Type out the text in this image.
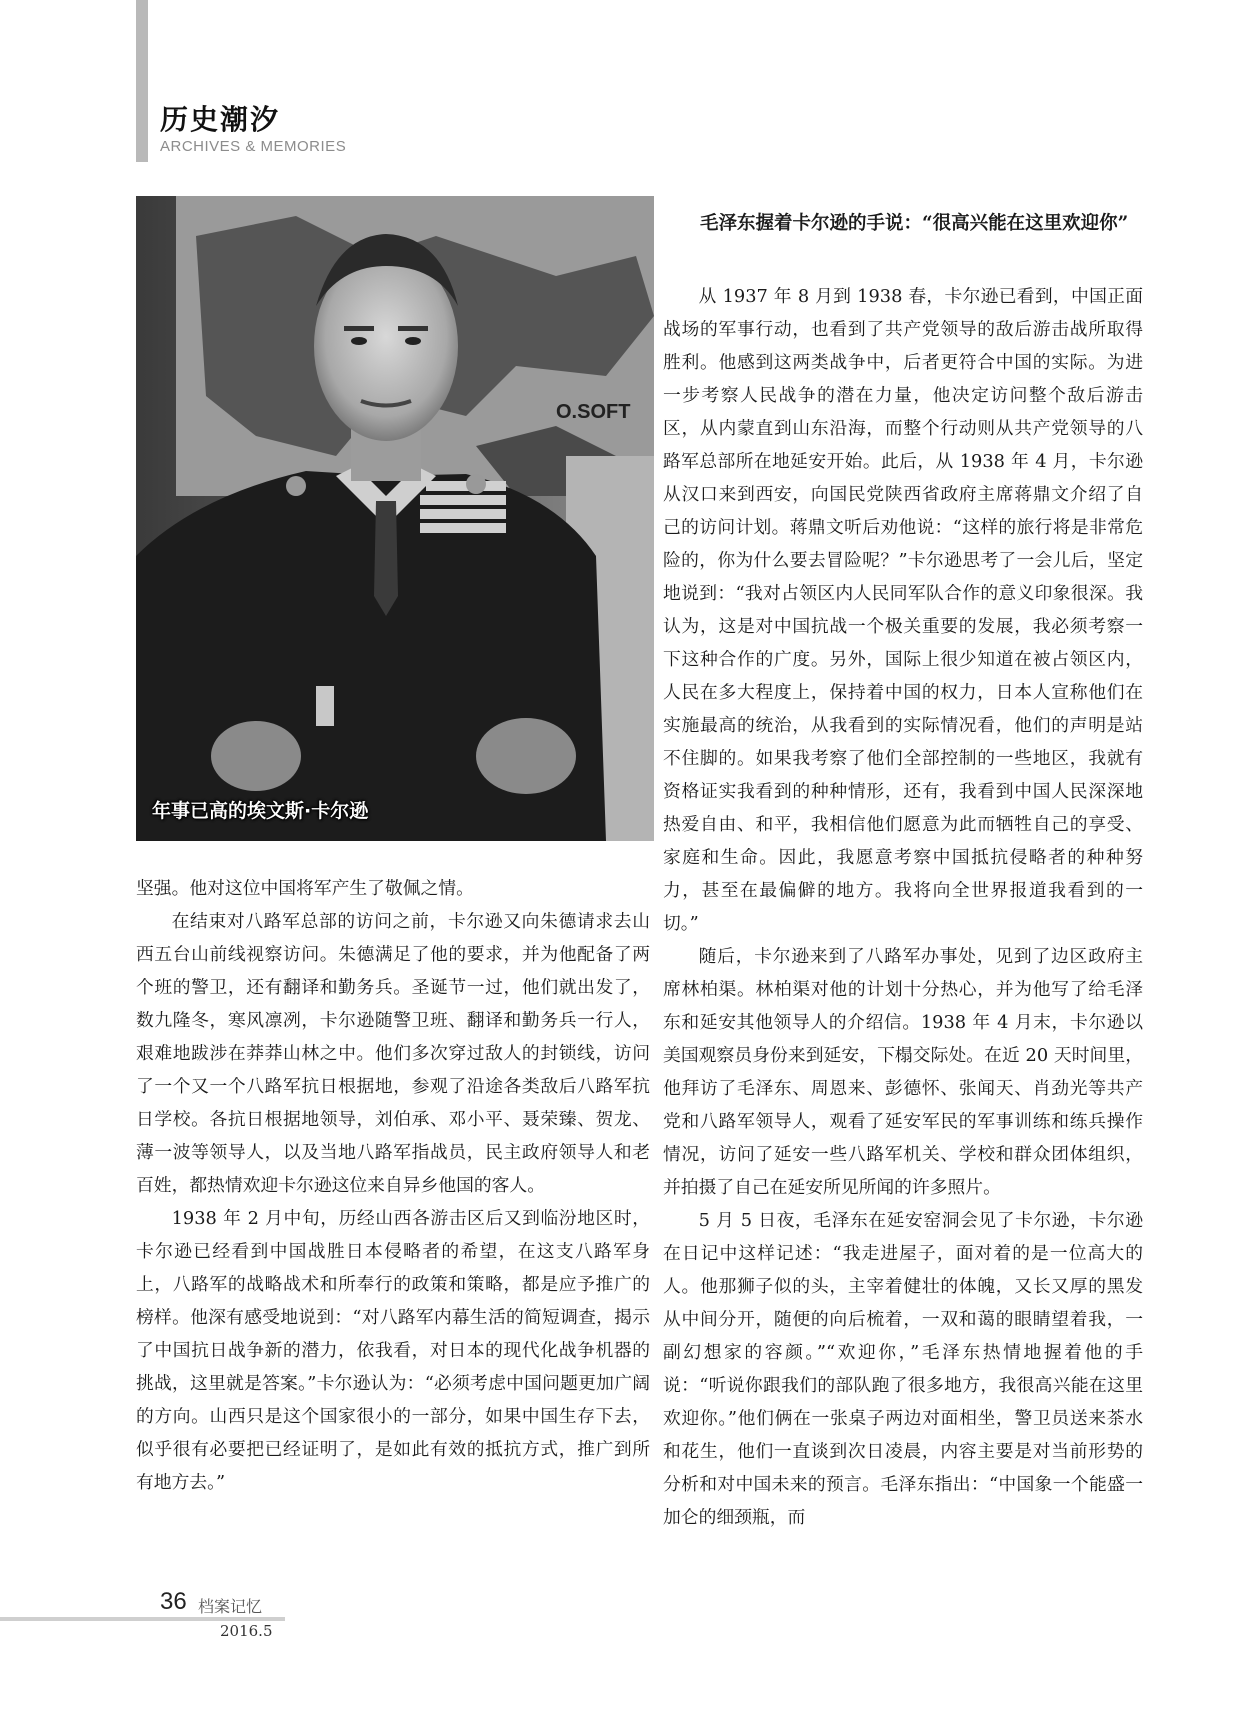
历史潮汐
ARCHIVES & MEMORIES
O.SOFT
年事已高的埃文斯·卡尔逊

坚强。他对这位中国将军产生了敬佩之情。

在结束对八路军总部的访问之前，卡尔逊又向朱德请求去山西五台山前线视察访问。朱德满足了他的要求，并为他配备了两个班的警卫，还有翻译和勤务兵。圣诞节一过，他们就出发了，数九隆冬，寒风凛冽，卡尔逊随警卫班、翻译和勤务兵一行人，艰难地跋涉在莽莽山林之中。他们多次穿过敌人的封锁线，访问了一个又一个八路军抗日根据地，参观了沿途各类敌后八路军抗日学校。各抗日根据地领导，刘伯承、邓小平、聂荣臻、贺龙、薄一波等领导人，以及当地八路军指战员，民主政府领导人和老百姓，都热情欢迎卡尔逊这位来自异乡他国的客人。

1938 年 2 月中旬，历经山西各游击区后又到临汾地区时，卡尔逊已经看到中国战胜日本侵略者的希望，在这支八路军身上，八路军的战略战术和所奉行的政策和策略，都是应予推广的榜样。他深有感受地说到：“对八路军内幕生活的简短调查，揭示了中国抗日战争新的潜力，依我看，对日本的现代化战争机器的挑战，这里就是答案。”卡尔逊认为：“必须考虑中国问题更加广阔的方向。山西只是这个国家很小的一部分，如果中国生存下去，似乎很有必要把已经证明了，是如此有效的抵抗方式，推广到所有地方去。”

毛泽东握着卡尔逊的手说：“很高兴能在这里欢迎你”

从 1937 年 8 月到 1938 春，卡尔逊已看到，中国正面战场的军事行动，也看到了共产党领导的敌后游击战所取得胜利。他感到这两类战争中，后者更符合中国的实际。为进一步考察人民战争的潜在力量，他决定访问整个敌后游击区，从内蒙直到山东沿海，而整个行动则从共产党领导的八路军总部所在地延安开始。此后，从 1938 年 4 月，卡尔逊从汉口来到西安，向国民党陕西省政府主席蒋鼎文介绍了自己的访问计划。蒋鼎文听后劝他说：“这样的旅行将是非常危险的，你为什么要去冒险呢？”卡尔逊思考了一会儿后，坚定地说到：“我对占领区内人民同军队合作的意义印象很深。我认为，这是对中国抗战一个极关重要的发展，我必须考察一下这种合作的广度。另外，国际上很少知道在被占领区内，人民在多大程度上，保持着中国的权力，日本人宣称他们在实施最高的统治，从我看到的实际情况看，他们的声明是站不住脚的。如果我考察了他们全部控制的一些地区，我就有资格证实我看到的种种情形，还有，我看到中国人民深深地热爱自由、和平，我相信他们愿意为此而牺牲自己的享受、家庭和生命。因此，我愿意考察中国抵抗侵略者的种种努力，甚至在最偏僻的地方。我将向全世界报道我看到的一切。”

随后，卡尔逊来到了八路军办事处，见到了边区政府主席林柏渠。林柏渠对他的计划十分热心，并为他写了给毛泽东和延安其他领导人的介绍信。1938 年 4 月末，卡尔逊以美国观察员身份来到延安，下榻交际处。在近 20 天时间里，他拜访了毛泽东、周恩来、彭德怀、张闻天、肖劲光等共产党和八路军领导人，观看了延安军民的军事训练和练兵操作情况，访问了延安一些八路军机关、学校和群众团体组织，并拍摄了自己在延安所见所闻的许多照片。

5 月 5 日夜，毛泽东在延安窑洞会见了卡尔逊，卡尔逊在日记中这样记述：“我走进屋子，面对着的是一位高大的人。他那狮子似的头，主宰着健壮的体魄，又长又厚的黑发从中间分开，随便的向后梳着，一双和蔼的眼睛望着我，一副幻想家的容颜。”“欢迎你，”毛泽东热情地握着他的手说：“听说你跟我们的部队跑了很多地方，我很高兴能在这里欢迎你。”他们俩在一张桌子两边对面相坐，警卫员送来茶水和花生，他们一直谈到次日凌晨，内容主要是对当前形势的分析和对中国未来的预言。毛泽东指出：“中国象一个能盛一加仑的细颈瓶，而

36 档案记忆
2016.5
